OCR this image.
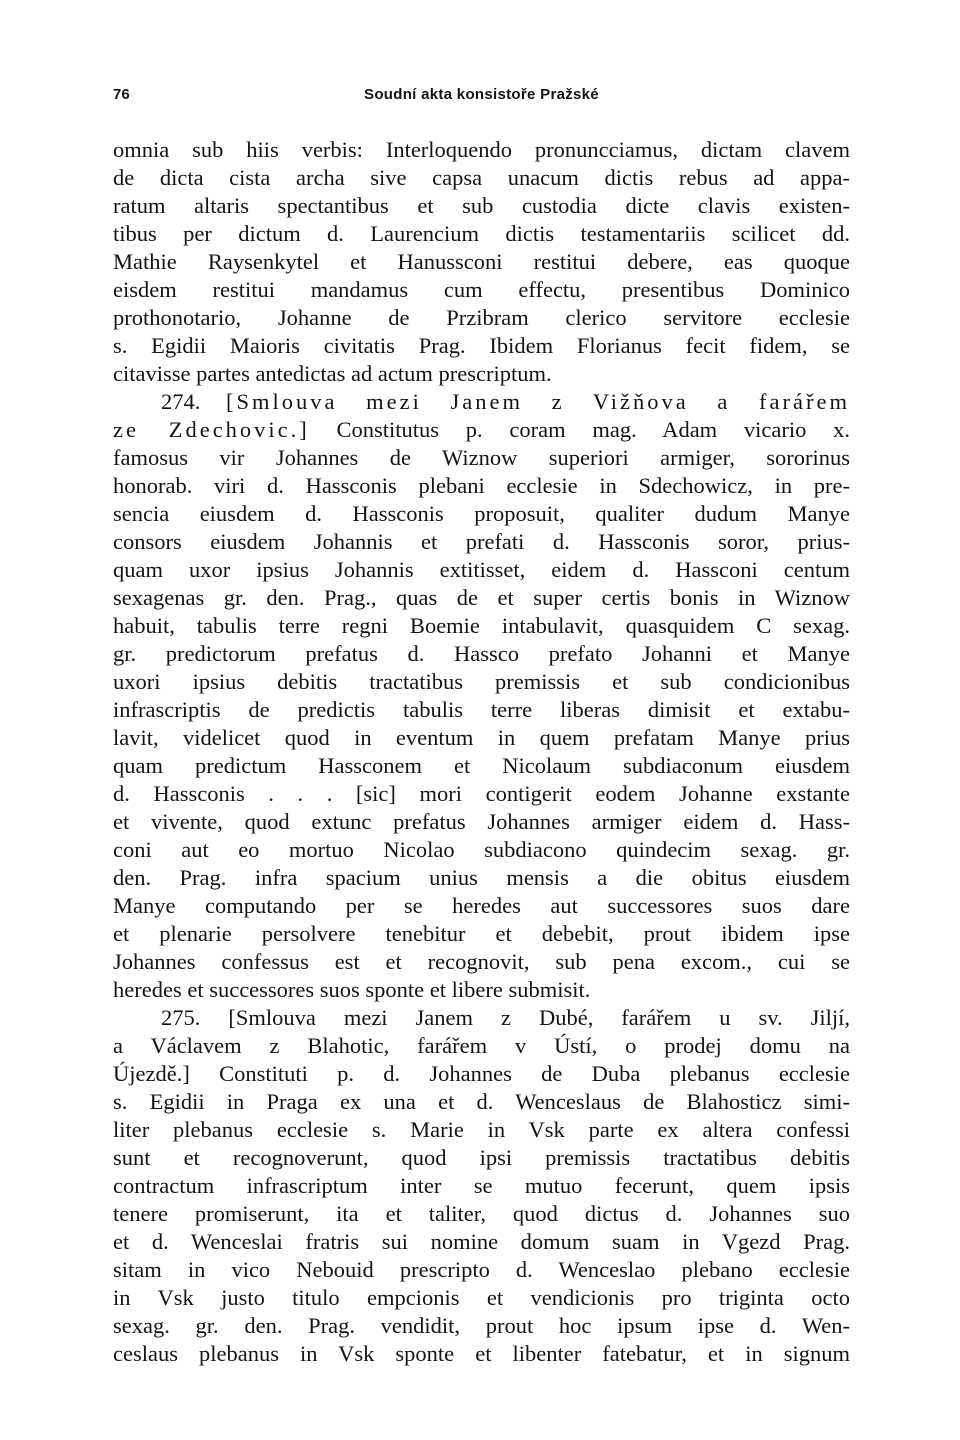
76	Soudní akta konsistoře Pražské
omnia sub hiis verbis: Interloquendo pronuncciamus, dictam clavem
de dicta cista archa sive capsa unacum dictis rebus ad appa-
ratum altaris spectantibus et sub custodia dicte clavis existen-
tibus per dictum d. Laurencium dictis testamentariis scilicet dd.
Mathie Raysenkytel et Hanussconi restitui debere, eas quoque
eisdem restitui mandamus cum effectu, presentibus Dominico
prothonotario, Johanne de Przibram clerico servitore ecclesie
s. Egidii Maioris civitatis Prag. Ibidem Florianus fecit fidem, se
citavisse partes antedictas ad actum prescriptum.
274. [Smlouva mezi Janem z Vižňova a farářem
ze Zdechovic.] Constitutus p. coram mag. Adam vicario x.
famosus vir Johannes de Wiznow superiori armiger, sororinus
honorab. viri d. Hassconis plebani ecclesie in Sdechowicz, in pre-
sencia eiusdem d. Hassconis proposuit, qualiter dudum Manye
consors eiusdem Johannis et prefati d. Hassconis soror, prius-
quam uxor ipsius Johannis extitisset, eidem d. Hassconi centum
sexagenas gr. den. Prag., quas de et super certis bonis in Wiznow
habuit, tabulis terre regni Boemie intabulavit, quasquidem C sexag.
gr. predictorum prefatus d. Hassco prefato Johanni et Manye
uxori ipsius debitis tractatibus premissis et sub condicionibus
infrascriptis de predictis tabulis terre liberas dimisit et extabu-
lavit, videlicet quod in eventum in quem prefatam Manye prius
quam predictum Hassconem et Nicolaum subdiaconum eiusdem
d. Hassconis . . . [sic] mori contigerit eodem Johanne exstante
et vivente, quod extunc prefatus Johannes armiger eidem d. Hass-
coni aut eo mortuo Nicolao subdiacono quindecim sexag. gr.
den. Prag. infra spacium unius mensis a die obitus eiusdem
Manye computando per se heredes aut successores suos dare
et plenarie persolvere tenebitur et debebit, prout ibidem ipse
Johannes confessus est et recognovit, sub pena excom., cui se
heredes et successores suos sponte et libere submisit.
275. [Smlouva mezi Janem z Dubé, farářem u sv. Jiljí,
a Václavem z Blahotic, farářem v Ústí, o prodej domu na
Újezdě.] Constituti p. d. Johannes de Duba plebanus ecclesie
s. Egidii in Praga ex una et d. Wenceslaus de Blahosticz simi-
liter plebanus ecclesie s. Marie in Vsk parte ex altera confessi
sunt et recognoverunt, quod ipsi premissis tractatibus debitis
contractum infrascriptum inter se mutuo fecerunt, quem ipsis
tenere promiserunt, ita et taliter, quod dictus d. Johannes suo
et d. Wenceslai fratris sui nomine domum suam in Vgezd Prag.
sitam in vico Nebouid prescripto d. Wenceslao plebano ecclesie
in Vsk justo titulo empcionis et vendicionis pro triginta octo
sexag. gr. den. Prag. vendidit, prout hoc ipsum ipse d. Wen-
ceslaus plebanus in Vsk sponte et libenter fatebatur, et in signum
